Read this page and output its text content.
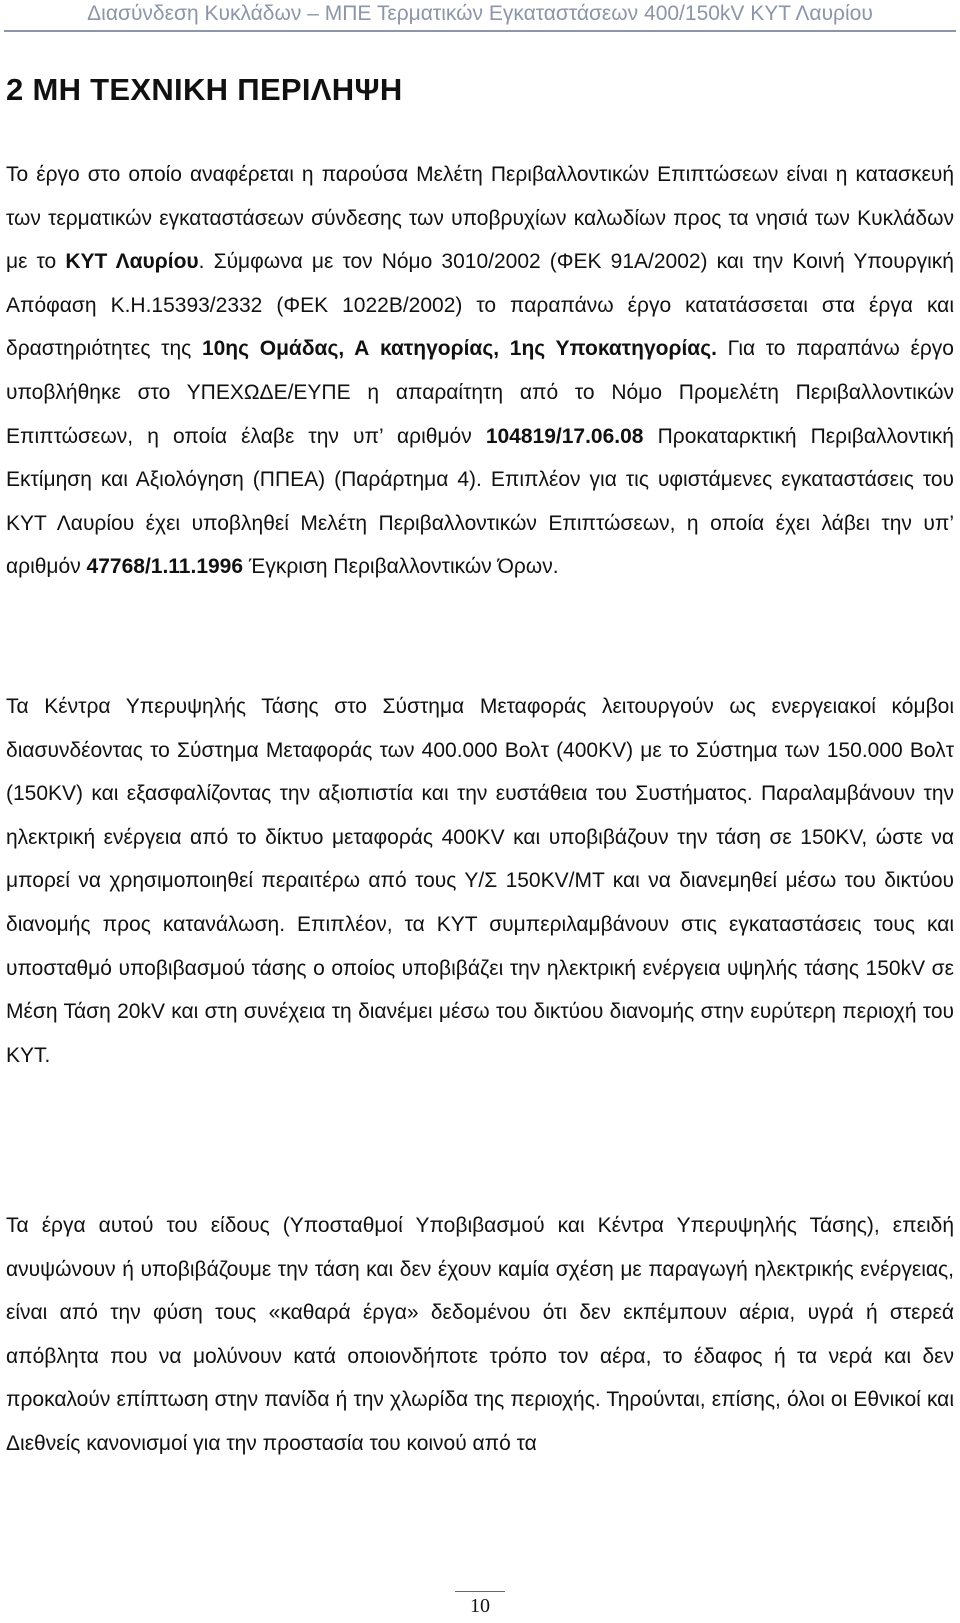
Διασύνδεση Κυκλάδων – ΜΠΕ Τερματικών Εγκαταστάσεων 400/150kV ΚΥΤ Λαυρίου
2 ΜΗ ΤΕΧΝΙΚΗ ΠΕΡΙΛΗΨΗ

Το έργο στο οποίο αναφέρεται η παρούσα Μελέτη Περιβαλλοντικών Επιπτώσεων είναι η κατασκευή των τερματικών εγκαταστάσεων σύνδεσης των υποβρυχίων καλωδίων προς τα νησιά των Κυκλάδων με το ΚΥΤ Λαυρίου. Σύμφωνα με τον Νόμο 3010/2002 (ΦΕΚ 91Α/2002) και την Κοινή Υπουργική Απόφαση Κ.Η.15393/2332 (ΦΕΚ 1022Β/2002) το παραπάνω έργο κατατάσσεται στα έργα και δραστηριότητες της 10ης Ομάδας, Α κατηγορίας, 1ης Υποκατηγορίας. Για το παραπάνω έργο υποβλήθηκε στο ΥΠΕΧΩΔΕ/ΕΥΠΕ η απαραίτητη από το Νόμο Προμελέτη Περιβαλλοντικών Επιπτώσεων, η οποία έλαβε την υπ’ αριθμόν 104819/17.06.08 Προκαταρκτική Περιβαλλοντική Εκτίμηση και Αξιολόγηση (ΠΠΕΑ) (Παράρτημα 4). Επιπλέον για τις υφιστάμενες εγκαταστάσεις του ΚΥΤ Λαυρίου έχει υποβληθεί Μελέτη Περιβαλλοντικών Επιπτώσεων, η οποία έχει λάβει την υπ’ αριθμόν 47768/1.11.1996 Έγκριση Περιβαλλοντικών Όρων.

Τα Κέντρα Υπερυψηλής Τάσης στο Σύστημα Μεταφοράς λειτουργούν ως ενεργειακοί κόμβοι διασυνδέοντας το Σύστημα Μεταφοράς των 400.000 Βολτ (400KV) με το Σύστημα των 150.000 Βολτ (150KV) και εξασφαλίζοντας την αξιοπιστία και την ευστάθεια του Συστήματος. Παραλαμβάνουν την ηλεκτρική ενέργεια από το δίκτυο μεταφοράς 400KV και υποβιβάζουν την τάση σε 150KV, ώστε να μπορεί να χρησιμοποιηθεί περαιτέρω από τους Υ/Σ 150KV/MT και να διανεμηθεί μέσω του δικτύου διανομής προς κατανάλωση. Επιπλέον, τα ΚΥΤ συμπεριλαμβάνουν στις εγκαταστάσεις τους και υποσταθμό υποβιβασμού τάσης ο οποίος υποβιβάζει την ηλεκτρική ενέργεια υψηλής τάσης 150kV σε Μέση Τάση 20kV και στη συνέχεια τη διανέμει μέσω του δικτύου διανομής στην ευρύτερη περιοχή του ΚΥΤ.

Τα έργα αυτού του είδους (Υποσταθμοί Υποβιβασμού και Κέντρα Υπερυψηλής Τάσης), επειδή ανυψώνουν ή υποβιβάζουμε την τάση και δεν έχουν καμία σχέση με παραγωγή ηλεκτρικής ενέργειας, είναι από την φύση τους «καθαρά έργα» δεδομένου ότι δεν εκπέμπουν αέρια, υγρά ή στερεά απόβλητα που να μολύνουν κατά οποιονδήποτε τρόπο τον αέρα, το έδαφος ή τα νερά και δεν προκαλούν επίπτωση στην πανίδα ή την χλωρίδα της περιοχής. Τηρούνται, επίσης, όλοι οι Εθνικοί και Διεθνείς κανονισμοί για την προστασία του κοινού από τα

10
